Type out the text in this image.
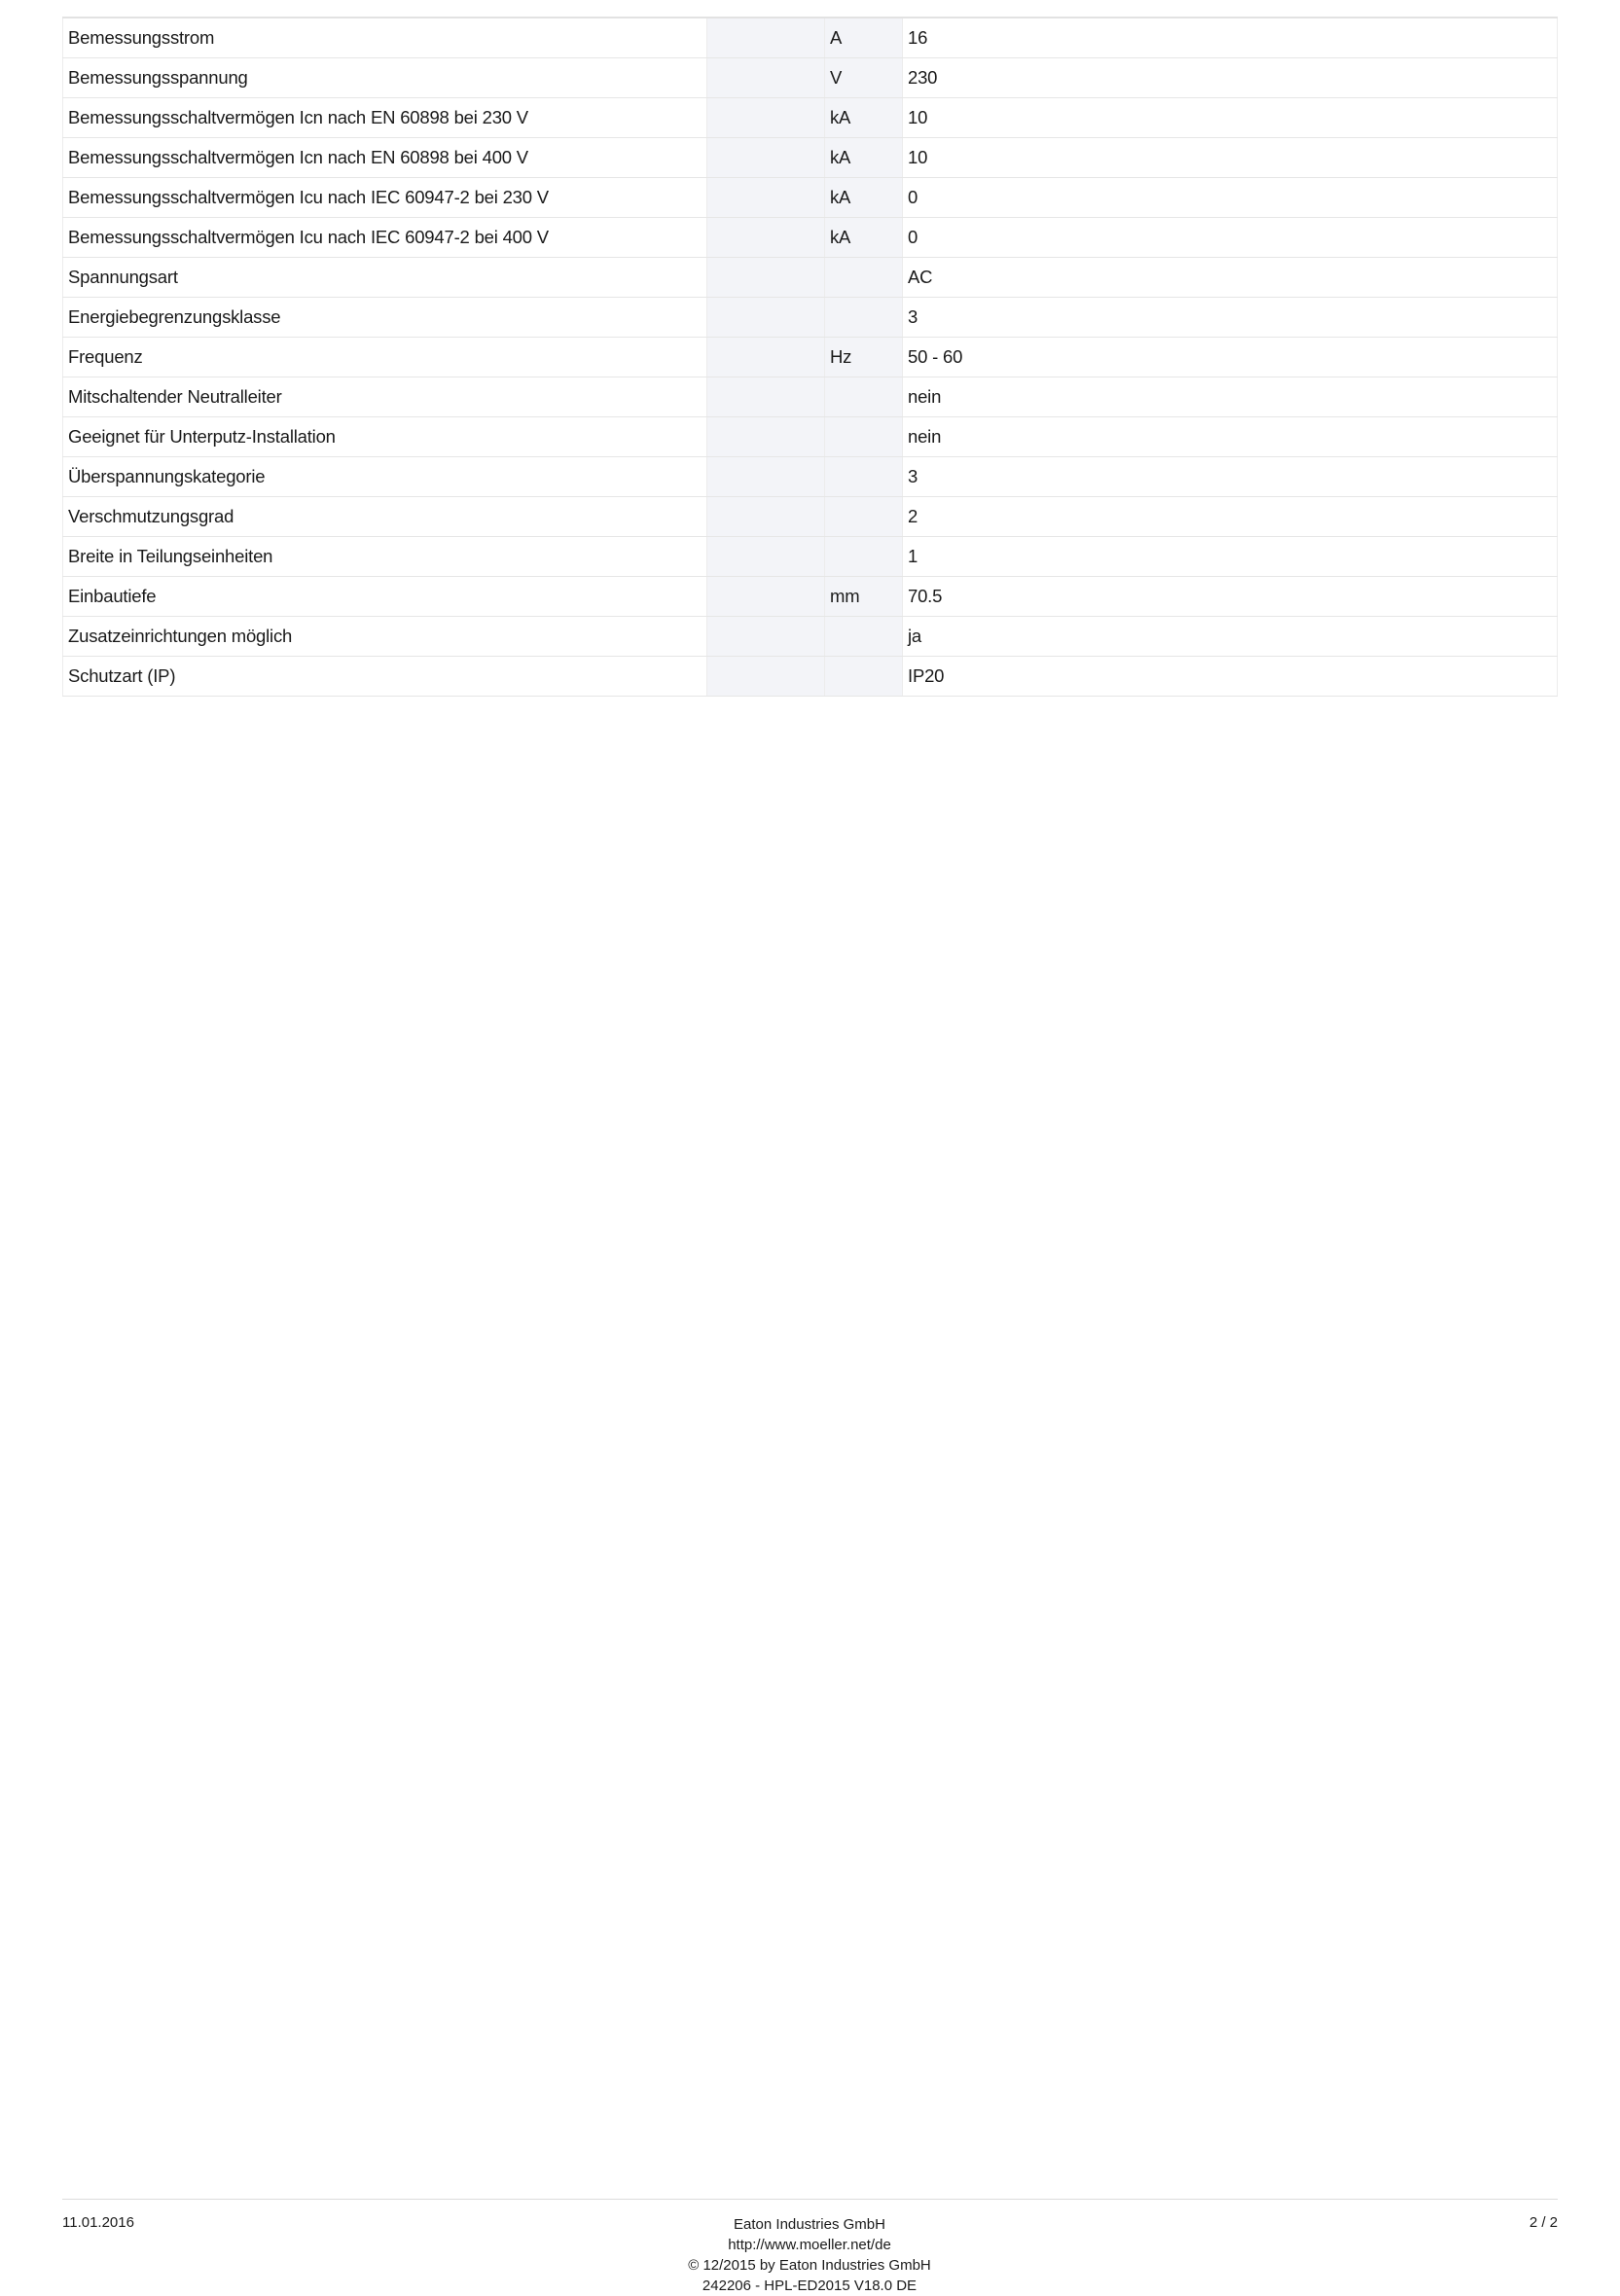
Bemessungsstrom		A	16
Bemessungsspannung		V	230
Bemessungsschaltvermögen Icn nach EN 60898 bei 230 V		kA	10
Bemessungsschaltvermögen Icn nach EN 60898 bei 400 V		kA	10
Bemessungsschaltvermögen Icu nach IEC 60947-2 bei 230 V		kA	0
Bemessungsschaltvermögen Icu nach IEC 60947-2 bei 400 V		kA	0
Spannungsart			AC
Energiebegrenzungsklasse			3
Frequenz		Hz	50 - 60
Mitschaltender Neutralleiter			nein
Geeignet für Unterputz-Installation			nein
Überspannungskategorie			3
Verschmutzungsgrad			2
Breite in Teilungseinheiten			1
Einbautiefe		mm	70.5
Zusatzeinrichtungen möglich			ja
Schutzart (IP)			IP20
11.01.2016	Eaton Industries GmbH
http://www.moeller.net/de
© 12/2015 by Eaton Industries GmbH
242206 - HPL-ED2015 V18.0 DE
2 / 2
